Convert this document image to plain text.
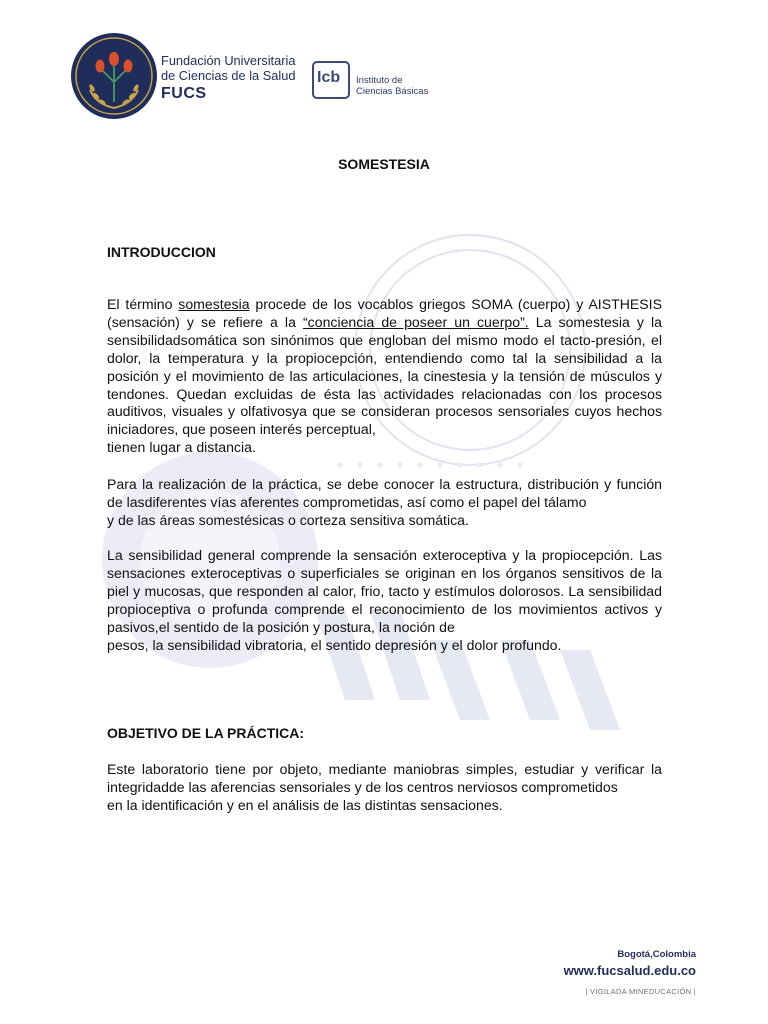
Fundación Universitaria
de Ciencias de la Salud
FUCS
Icb Instituto de
Ciencias Básicas
SOMESTESIA
INTRODUCCION

El término somestesia procede de los vocablos griegos SOMA (cuerpo) y AISTHESIS (sensación) y se refiere a la “conciencia de poseer un cuerpo”. La somestesia y la sensibilidadsomática son sinónimos que engloban del mismo modo el tacto-presión, el dolor, la temperatura y la propiocepción, entendiendo como tal la sensibilidad a la posición y el movimiento de las articulaciones, la cinestesia y la tensión de músculos y tendones. Quedan excluidas de ésta las actividades relacionadas con los procesos auditivos, visuales y olfativosya que se consideran procesos sensoriales cuyos hechos iniciadores, que poseen interés perceptual,

tienen lugar a distancia.

Para la realización de la práctica, se debe conocer la estructura, distribución y función de lasdiferentes vías aferentes comprometidas, así como el papel del tálamo

y de las áreas somestésicas o corteza sensitiva somática.

La sensibilidad general comprende la sensación exteroceptiva y la propiocepción. Las sensaciones exteroceptivas o superficiales se originan en los órganos sensitivos de la piel y mucosas, que responden al calor, frio, tacto y estímulos dolorosos. La sensibilidad propioceptiva o profunda comprende el reconocimiento de los movimientos activos y pasivos,el sentido de la posición y postura, la noción de

pesos, la sensibilidad vibratoria, el sentido depresión y el dolor profundo.

OBJETIVO DE LA PRÁCTICA:

Este laboratorio tiene por objeto, mediante maniobras simples, estudiar y verificar la integridadde las aferencias sensoriales y de los centros nerviosos comprometidos

en la identificación y en el análisis de las distintas sensaciones.

Bogotá,Colombia
www.fucsalud.edu.co
| VIGILADA MINEDUCACIÓN |
